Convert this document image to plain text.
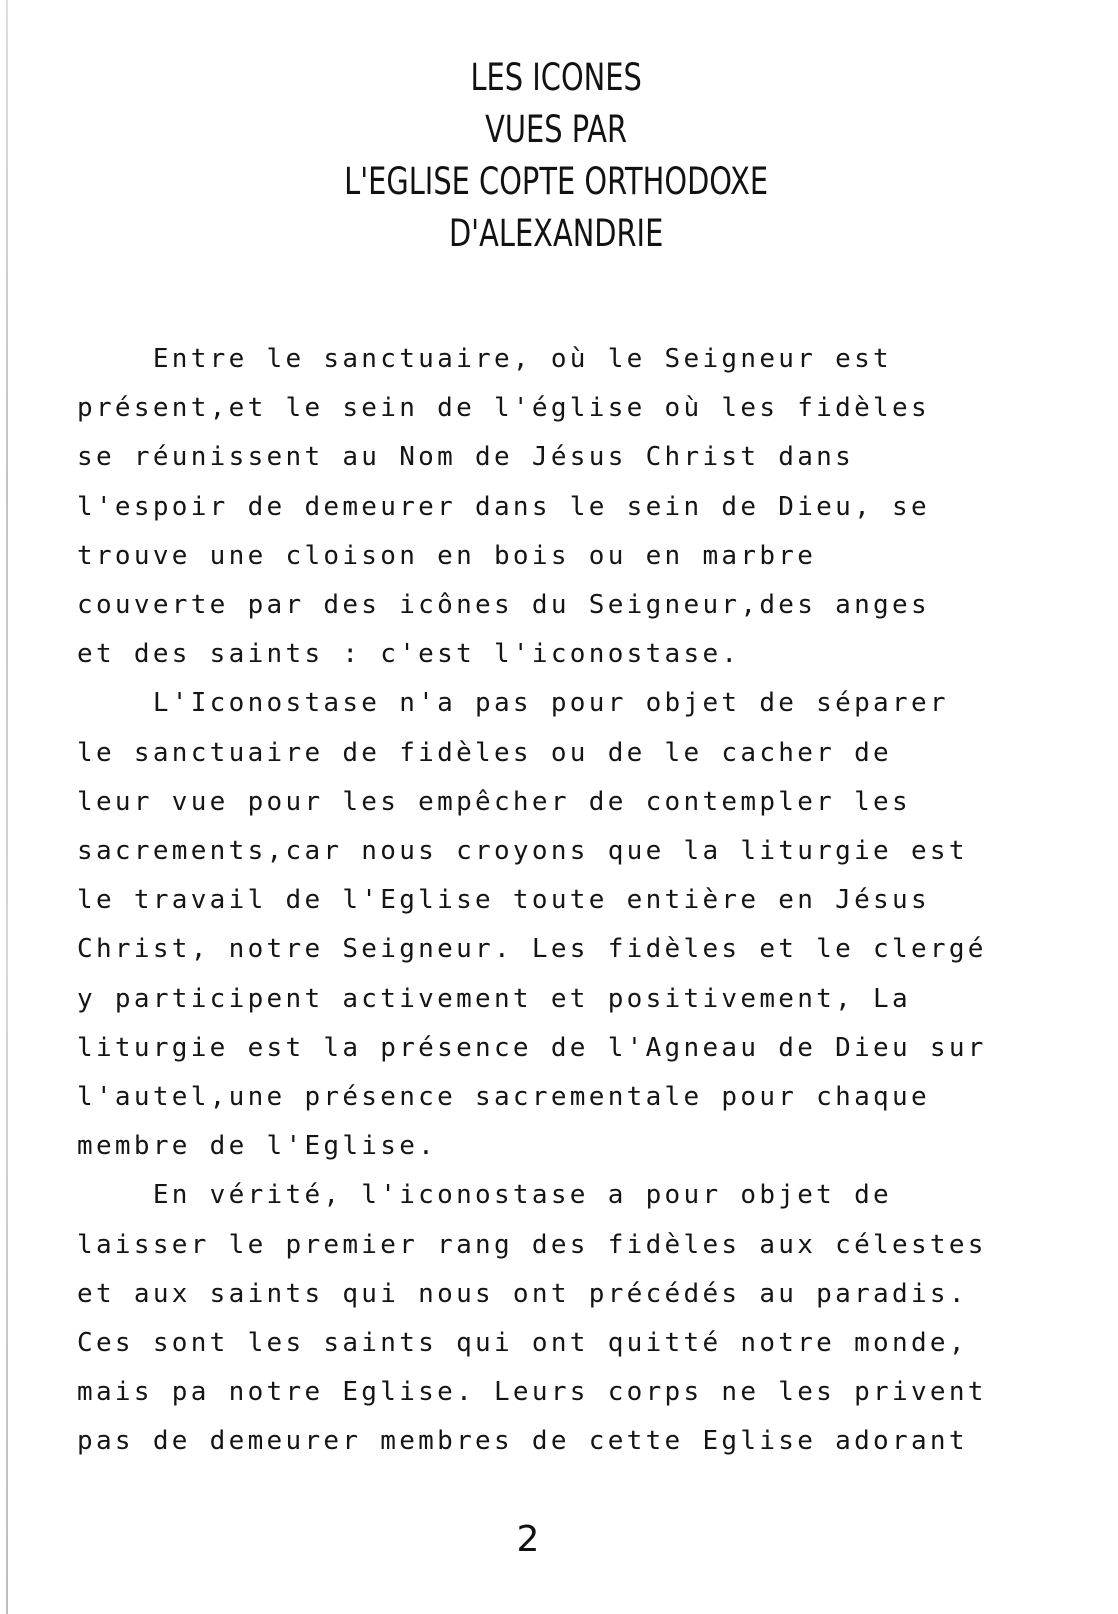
LES ICONES
VUES PAR
L'EGLISE COPTE ORTHODOXE
D'ALEXANDRIE
Entre le sanctuaire, où le Seigneur est
présent,et le sein de l'église où les fidèles
se réunissent au Nom de Jésus Christ dans
l'espoir de demeurer dans le sein de Dieu, se
trouve une cloison en bois ou en marbre
couverte par des icônes du Seigneur,des anges
et des saints : c'est l'iconostase.
L'Iconostase n'a pas pour objet de séparer
le sanctuaire de fidèles ou de le cacher de
leur vue pour les empêcher de contempler les
sacrements,car nous croyons que la liturgie est
le travail de l'Eglise toute entière en Jésus
Christ, notre Seigneur. Les fidèles et le clergé
y participent activement et positivement, La
liturgie est la présence de l'Agneau de Dieu sur
l'autel,une présence sacrementale pour chaque
membre de l'Eglise.
En vérité, l'iconostase a pour objet de
laisser le premier rang des fidèles aux célestes
et aux saints qui nous ont précédés au paradis.
Ces sont les saints qui ont quitté notre monde,
mais pa notre Eglise. Leurs corps ne les privent
pas de demeurer membres de cette Eglise adorant
2
